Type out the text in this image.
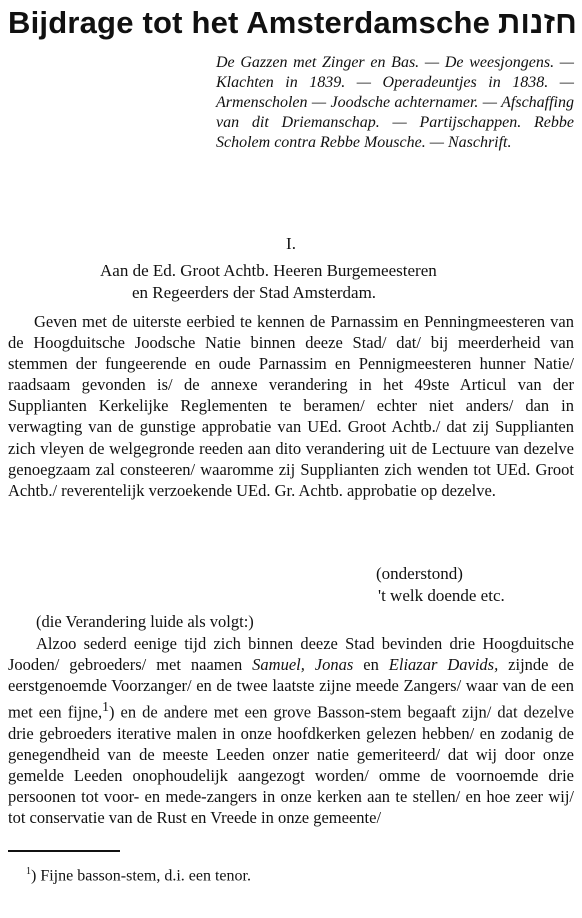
Bijdrage tot het Amsterdamsche חזנות
De Gazzen met Zinger en Bas. — De weesjongens. — Klachten in 1839. — Operadeuntjes in 1838. — Armenscholen — Joodsche achternamer. — Afschaffing van dit Driemanschap. — Partijschappen. Rebbe Scholem contra Rebbe Mousche. — Naschrift.
I.
Aan de Ed. Groot Achtb. Heeren Burgemeesteren
en Regeerders der Stad Amsterdam.

Geven met de uiterste eerbied te kennen de Parnassim en Penningmeesteren van de Hoogduitsche Joodsche Natie binnen deeze Stad/ dat/ bij meerderheid van stemmen der fungeerende en oude Parnassim en Pennigmeesteren hunner Natie/ raadsaam gevonden is/ de annexe verandering in het 49ste Articul van der Supplianten Kerkelijke Reglementen te beramen/ echter niet anders/ dan in verwagting van de gunstige approbatie van UEd. Groot Achtb./ dat zij Supplianten zich vleyen de welgegronde reeden aan dito verandering uit de Lectuure van dezelve genoegzaam zal consteeren/ waaromme zij Supplianten zich wenden tot UEd. Groot Achtb./ reverentelijk verzoekende UEd. Gr. Achtb. approbatie op dezelve.

(onderstond)
't welk doende etc.
(die Verandering luide als volgt:)

Alzoo sederd eenige tijd zich binnen deeze Stad bevinden drie Hoogduitsche Jooden/ gebroeders/ met naamen Samuel, Jonas en Eliazar Davids, zijnde de eerstgenoemde Voorzanger/ en de twee laatste zijne meede Zangers/ waar van de een met een fijne,$^1$) en de andere met een grove Basson-stem begaaft zijn/ dat dezelve drie gebroeders iterative malen in onze hoofdkerken gelezen hebben/ en zodanig de genegendheid van de meeste Leeden onzer natie gemeriteerd/ dat wij door onze gemelde Leeden onophoudelijk aangezogt worden/ omme de voornoemde drie persoonen tot voor- en mede-zangers in onze kerken aan te stellen/ en hoe zeer wij/ tot conservatie van de Rust en Vreede in onze gemeente/

$^1$) Fijne basson-stem, d.i. een tenor.
